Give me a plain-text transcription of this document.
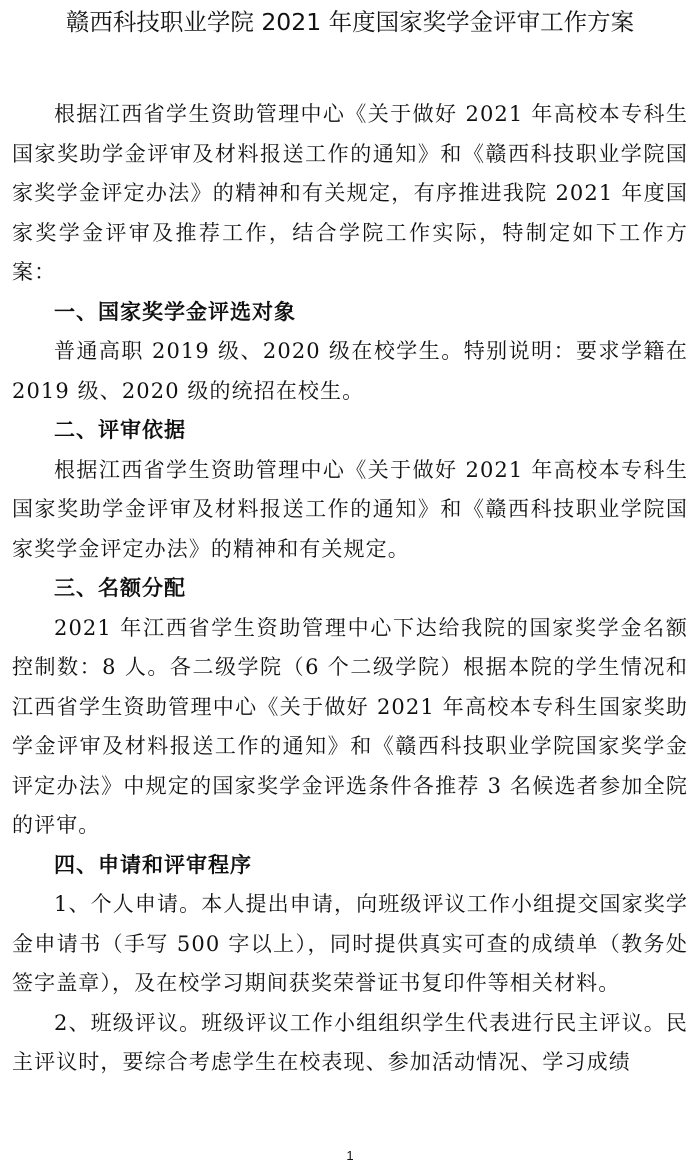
赣西科技职业学院 2021 年度国家奖学金评审工作方案

根据江西省学生资助管理中心《关于做好 2021 年高校本专科生国家奖助学金评审及材料报送工作的通知》和《赣西科技职业学院国家奖学金评定办法》的精神和有关规定，有序推进我院 2021 年度国家奖学金评审及推荐工作，结合学院工作实际，特制定如下工作方案：

一、国家奖学金评选对象

普通高职 2019 级、2020 级在校学生。特别说明：要求学籍在 2019 级、2020 级的统招在校生。

二、评审依据

根据江西省学生资助管理中心《关于做好 2021 年高校本专科生国家奖助学金评审及材料报送工作的通知》和《赣西科技职业学院国家奖学金评定办法》的精神和有关规定。

三、名额分配

2021 年江西省学生资助管理中心下达给我院的国家奖学金名额控制数：8 人。各二级学院（6 个二级学院）根据本院的学生情况和江西省学生资助管理中心《关于做好 2021 年高校本专科生国家奖助学金评审及材料报送工作的通知》和《赣西科技职业学院国家奖学金评定办法》中规定的国家奖学金评选条件各推荐 3 名候选者参加全院的评审。

四、申请和评审程序

1、个人申请。本人提出申请，向班级评议工作小组提交国家奖学金申请书（手写 500 字以上），同时提供真实可查的成绩单（教务处签字盖章），及在校学习期间获奖荣誉证书复印件等相关材料。

2、班级评议。班级评议工作小组组织学生代表进行民主评议。民主评议时，要综合考虑学生在校表现、参加活动情况、学习成绩

1
